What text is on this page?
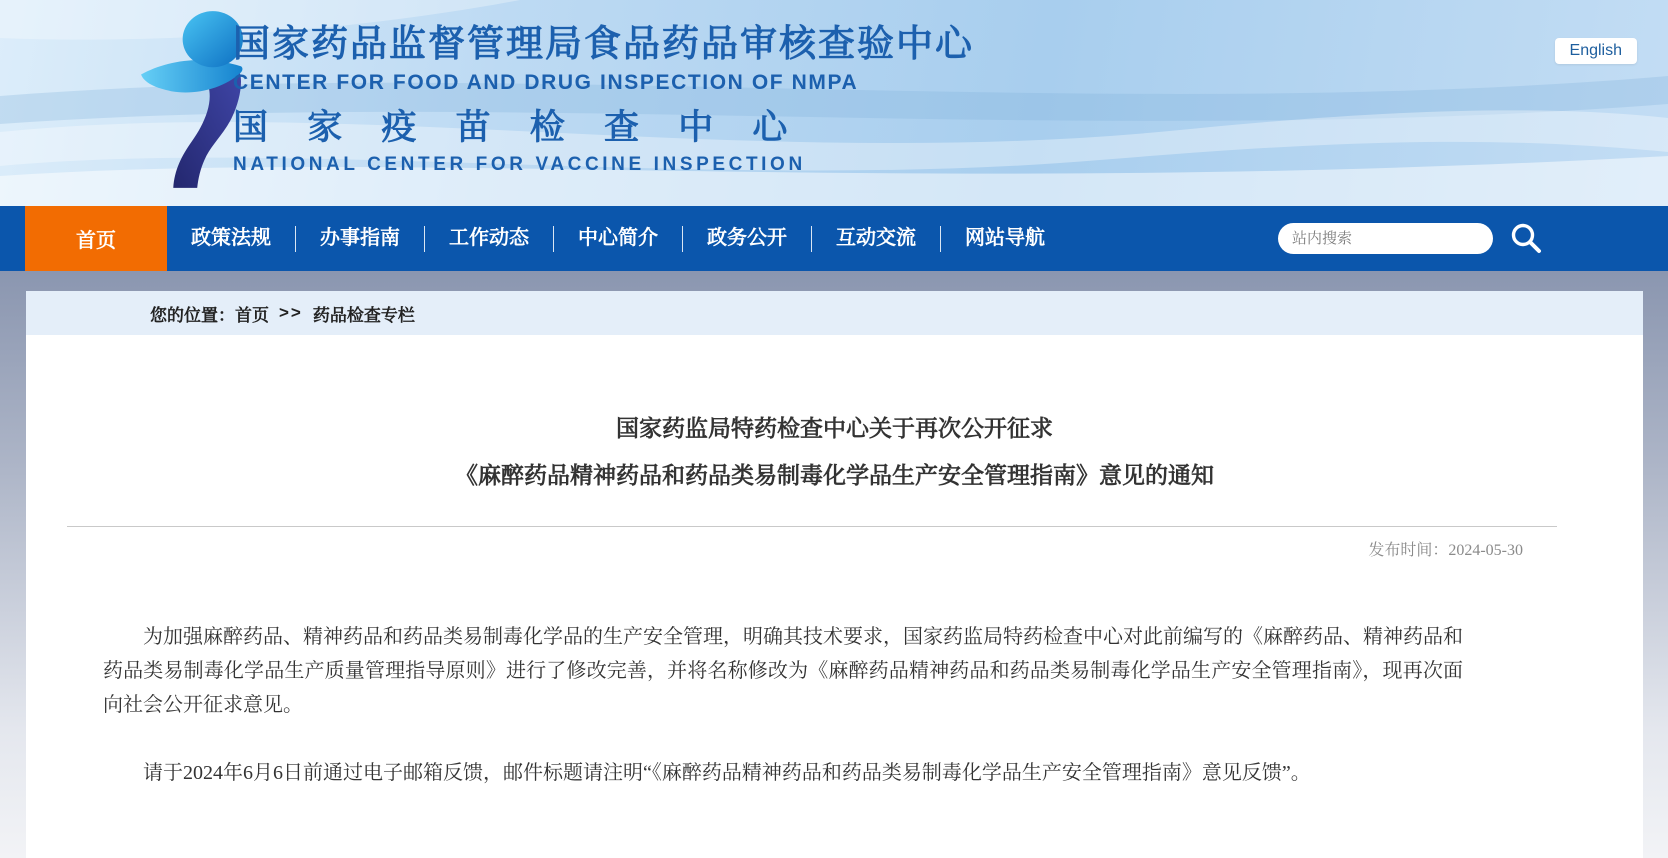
国家药品监督管理局食品药品审核查验中心
CENTER FOR FOOD AND DRUG INSPECTION OF NMPA
国家疫苗检查中心
NATIONAL CENTER FOR VACCINE INSPECTION
English
首页	政策法规	办事指南	工作动态	中心简介	政务公开	互动交流	网站导航
站内搜索
您的位置： 首页 >> 药品检查专栏
国家药监局特药检查中心关于再次公开征求
《麻醉药品精神药品和药品类易制毒化学品生产安全管理指南》意见的通知
发布时间：2024-05-30

为加强麻醉药品、精神药品和药品类易制毒化学品的生产安全管理，明确其技术要求，国家药监局特药检查中心对此前编写的《麻醉药品、精神药品和药品类易制毒化学品生产质量管理指导原则》进行了修改完善，并将名称修改为《麻醉药品精神药品和药品类易制毒化学品生产安全管理指南》，现再次面向社会公开征求意见。

请于2024年6月6日前通过电子邮箱反馈，邮件标题请注明“《麻醉药品精神药品和药品类易制毒化学品生产安全管理指南》意见反馈”。
